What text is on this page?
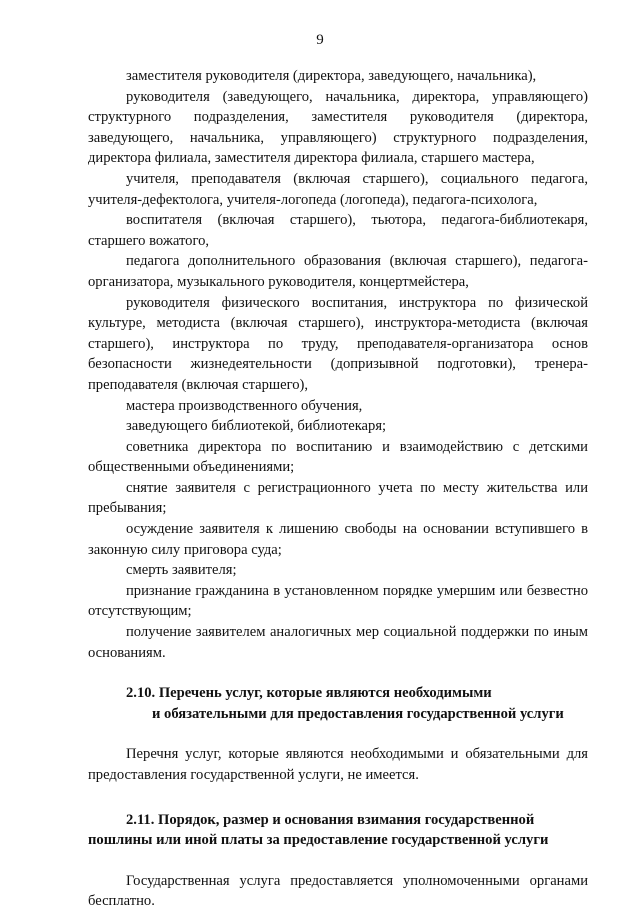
9

заместителя руководителя (директора, заведующего, начальника),

руководителя (заведующего, начальника, директора, управляющего) структурного подразделения, заместителя руководителя (директора, заведующего, начальника, управляющего) структурного подразделения, директора филиала, заместителя директора филиала, старшего мастера,

учителя, преподавателя (включая старшего), социального педагога, учителя-дефектолога, учителя-логопеда (логопеда), педагога-психолога,

воспитателя (включая старшего), тьютора, педагога-библиотекаря, старшего вожатого,

педагога дополнительного образования (включая старшего), педагога-организатора, музыкального руководителя, концертмейстера,

руководителя физического воспитания, инструктора по физической культуре, методиста (включая старшего), инструктора-методиста (включая старшего), инструктора по труду, преподавателя-организатора основ безопасности жизнедеятельности (допризывной подготовки), тренера-преподавателя (включая старшего),

мастера производственного обучения,

заведующего библиотекой, библиотекаря;

советника директора по воспитанию и взаимодействию с детскими общественными объединениями;

снятие заявителя с регистрационного учета по месту жительства или пребывания;

осуждение заявителя к лишению свободы на основании вступившего в законную силу приговора суда;

смерть заявителя;

признание гражданина в установленном порядке умершим или безвестно отсутствующим;

получение заявителем аналогичных мер социальной поддержки по иным основаниям.

2.10. Перечень услуг, которые являются необходимыми
и обязательными для предоставления государственной услуги

Перечня услуг, которые являются необходимыми и обязательными для предоставления государственной услуги, не имеется.

2.11. Порядок, размер и основания взимания государственной
пошлины или иной платы за предоставление государственной услуги

Государственная услуга предоставляется уполномоченными органами бесплатно.
